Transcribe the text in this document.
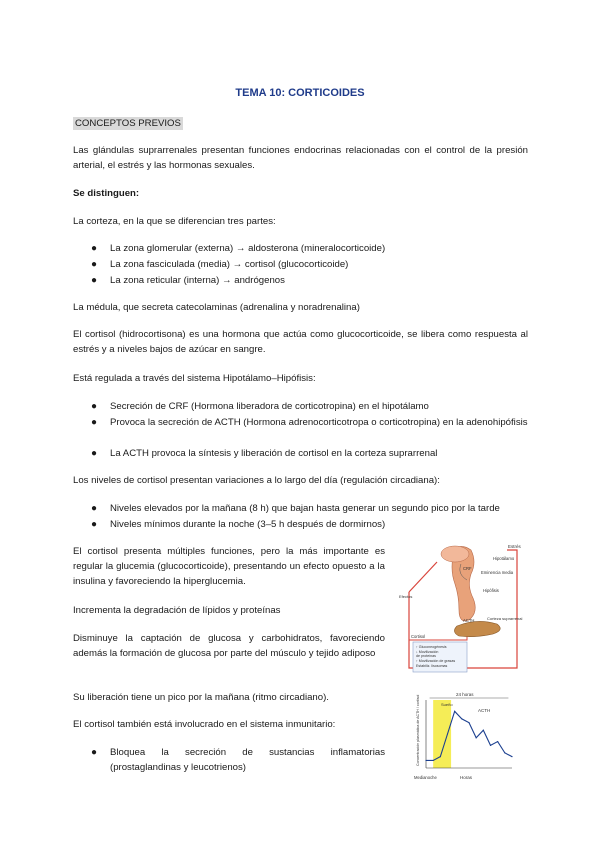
TEMA 10: CORTICOIDES

CONCEPTOS PREVIOS

Las glándulas suprarrenales presentan funciones endocrinas relacionadas con el control de la presión arterial, el estrés y las hormonas sexuales.

Se distinguen:

La corteza, en la que se diferencian tres partes:

● La zona glomerular (externa) → aldosterona (mineralocorticoide)

● La zona fasciculada (media) → cortisol (glucocorticoide)

● La zona reticular (interna) → andrógenos

La médula, que secreta catecolaminas (adrenalina y noradrenalina)

El cortisol (hidrocortisona) es una hormona que actúa como glucocorticoide, se libera como respuesta al estrés y a niveles bajos de azúcar en sangre.

Está regulada a través del sistema Hipotálamo–Hipófisis:

● Secreción de CRF (Hormona liberadora de corticotropina) en el hipotálamo

● Provoca la secreción de ACTH (Hormona adrenocorticotropa o corticotropina) en la adenohipófisis

● La ACTH provoca la síntesis y liberación de cortisol en la corteza suprarrenal

Los niveles de cortisol presentan variaciones a lo largo del día (regulación circadiana):

● Niveles elevados por la mañana (8 h) que bajan hasta generar un segundo pico por la tarde

● Niveles mínimos durante la noche (3–5 h después de dormirnos)

El cortisol presenta múltiples funciones, pero la más importante es regular la glucemia (glucocorticoide), presentando un efecto opuesto a la insulina y favoreciendo la hiperglucemia.

Incrementa la degradación de lípidos y proteínas

Disminuye la captación de glucosa y carbohidratos, favoreciendo además la formación de glucosa por parte del músculo y tejido adiposo

Su liberación tiene un pico por la mañana (ritmo circadiano).

El cortisol también está involucrado en el sistema inmunitario:

● Bloquea la secreción de sustancias inflamatorias (prostaglandinas y leucotrienos)

↑ Gluconeogénesis
↓ Movilización
de proteínas
↑ Movilización de grasas
Estabiliz. lisosomas
Estrés
Hipotálamo
CRF
Eminencia media
Hipófisis
ACTH	Corteza suprarrenal
Cortisol
Efectos
24 horas
Sueño
ACTH
Medianoche	Horas
Concentración plasmática de ACTH / cortisol
